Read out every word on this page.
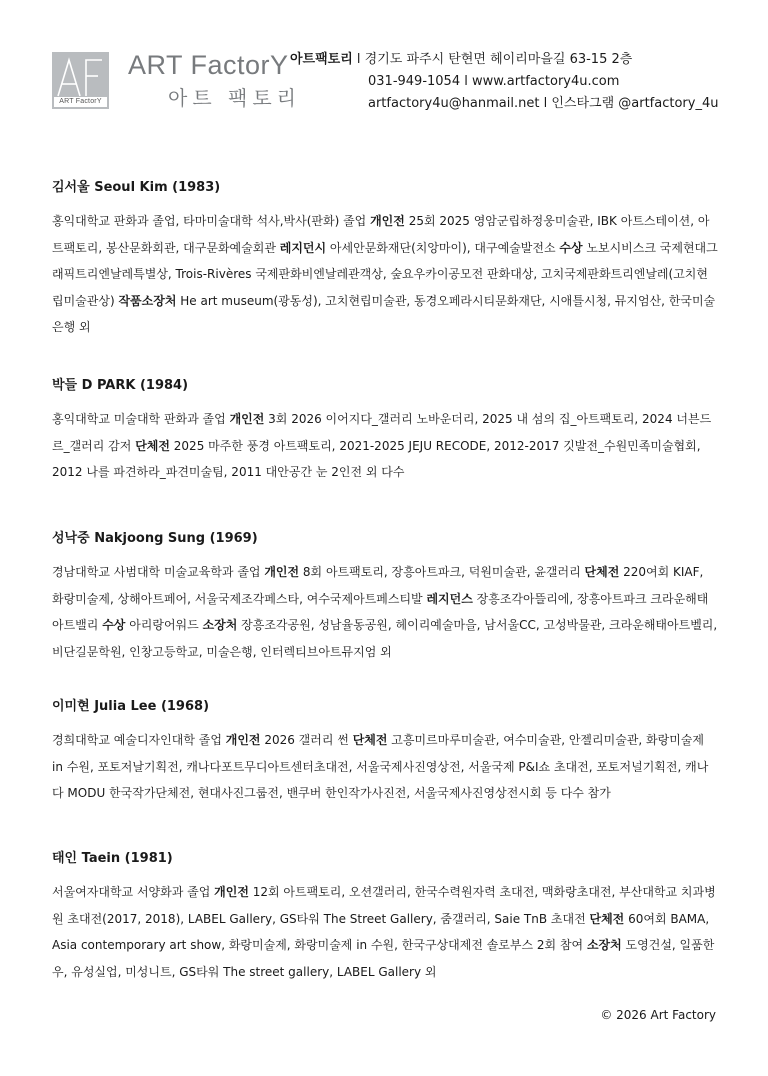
ART FactorY
ART FactorY
아트 팩토리
아트팩토리 l 경기도 파주시 탄현면 헤이리마을길 63-15 2층
031-949-1054 l www.artfactory4u.com
artfactory4u@hanmail.net l 인스타그램 @artfactory_4u
김서울 Seoul Kim (1983)

홍익대학교 판화과 졸업, 타마미술대학 석사,박사(판화) 졸업 개인전 25회 2025 영암군립하정웅미술관, IBK 아트스테이션, 아트팩토리, 봉산문화회관, 대구문화예술회관 레지던시 아세안문화재단(치앙마이), 대구예술발전소 수상 노보시비스크 국제현대그래픽트리엔날레특별상, Trois-Rivères 국제판화비엔날레관객상, 숲요우카이공모전 판화대상, 고치국제판화트리엔날레(고치현립미술관상) 작품소장처 He art museum(광동성), 고치현립미술관, 동경오페라시티문화재단, 시애틀시청, 뮤지엄산, 한국미술은행 외

박들 D PARK (1984)

홍익대학교 미술대학 판화과 졸업 개인전 3회 2026 이어지다_갤러리 노바운더리, 2025 내 섬의 집_아트팩토리, 2024 너븐드르_갤러리 감저 단체전 2025 마주한 풍경 아트팩토리, 2021-2025 JEJU RECODE, 2012-2017 깃발전_수원민족미술협회, 2012 나를 파견하라_파견미술팀, 2011 대안공간 눈 2인전 외 다수

성낙중 Nakjoong Sung (1969)

경남대학교 사범대학 미술교육학과 졸업 개인전 8회 아트팩토리, 장흥아트파크, 덕원미술관, 윤갤러리 단체전 220여회 KIAF, 화랑미술제, 상해아트페어, 서울국제조각페스타, 여수국제아트페스티발 레지던스 장흥조각아뜰리에, 장흥아트파크 크라운해태아트밸리 수상 아리랑어워드 소장처 장흥조각공원, 성남율동공원, 헤이리예술마을, 남서울CC, 고성박물관, 크라운해태아트벨리, 비단길문학원, 인창고등학교, 미술은행, 인터렉티브아트뮤지엄 외

이미현 Julia Lee (1968)

경희대학교 예술디자인대학 졸업 개인전 2026 갤러리 썬 단체전 고흥미르마루미술관, 여수미술관, 안젤리미술관, 화랑미술제 in 수원, 포토저날기획전, 캐나다포트무디아트센터초대전, 서울국제사진영상전, 서울국제 P&I쇼 초대전, 포토저널기획전, 캐나다 MODU 한국작가단체전, 현대사진그룹전, 밴쿠버 한인작가사진전, 서울국제사진영상전시회 등 다수 참가

태인 Taein (1981)

서울여자대학교 서양화과 졸업 개인전 12회 아트팩토리, 오션갤러리, 한국수력원자력 초대전, 맥화랑초대전, 부산대학교 치과병원 초대전(2017, 2018), LABEL Gallery, GS타워 The Street Gallery, 줌갤러리, Saie TnB 초대전 단체전 60여회 BAMA, Asia contemporary art show, 화랑미술제, 화랑미술제 in 수원, 한국구상대제전 솔로부스 2회 참여 소장처 도영건설, 일품한우, 유성실업, 미성니트, GS타워 The street gallery, LABEL Gallery 외

© 2026 Art Factory
